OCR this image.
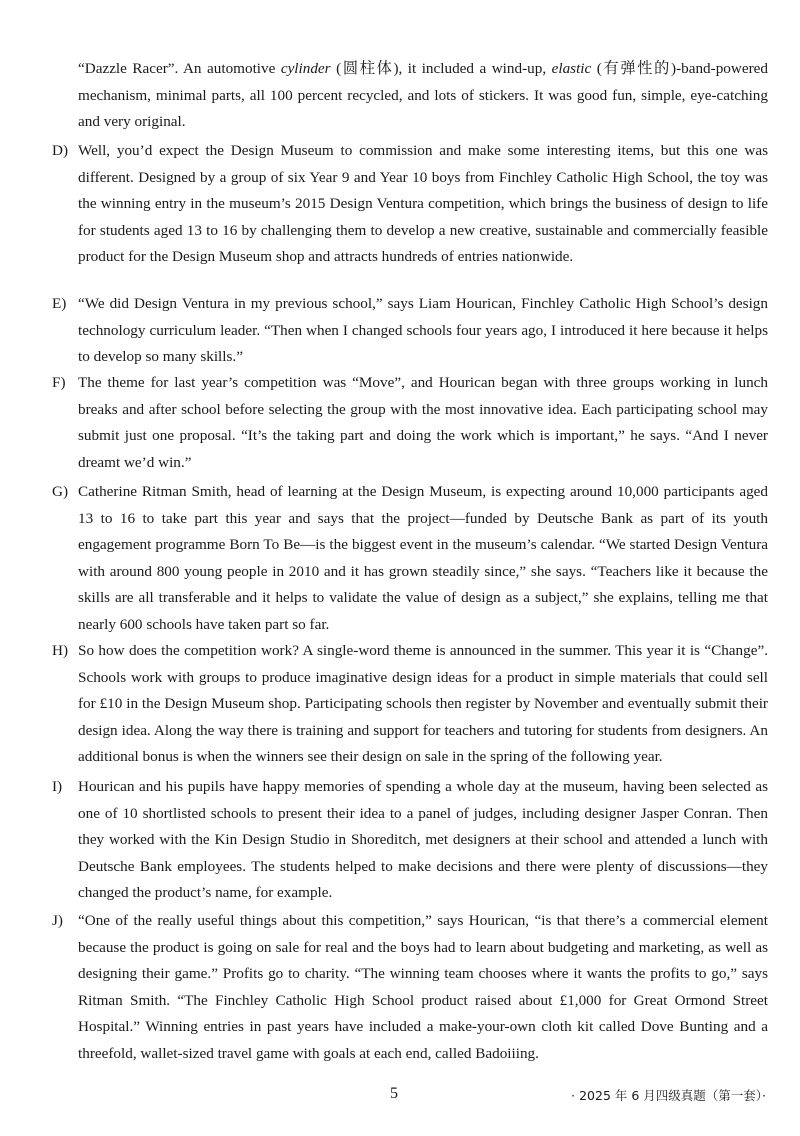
“Dazzle Racer”. An automotive cylinder (圆柱体), it included a wind-up, elastic (有弹性的)-band-powered mechanism, minimal parts, all 100 percent recycled, and lots of stickers. It was good fun, simple, eye-catching and very original.

D) Well, you’d expect the Design Museum to commission and make some interesting items, but this one was different. Designed by a group of six Year 9 and Year 10 boys from Finchley Catholic High School, the toy was the winning entry in the museum’s 2015 Design Ventura competition, which brings the business of design to life for students aged 13 to 16 by challenging them to develop a new creative, sustainable and commercially feasible product for the Design Museum shop and attracts hundreds of entries nationwide.

E) “We did Design Ventura in my previous school,” says Liam Hourican, Finchley Catholic High School’s design technology curriculum leader. “Then when I changed schools four years ago, I introduced it here because it helps to develop so many skills.”

F) The theme for last year’s competition was “Move”, and Hourican began with three groups working in lunch breaks and after school before selecting the group with the most innovative idea. Each participating school may submit just one proposal. “It’s the taking part and doing the work which is important,” he says. “And I never dreamt we’d win.”

G) Catherine Ritman Smith, head of learning at the Design Museum, is expecting around 10,000 participants aged 13 to 16 to take part this year and says that the project—funded by Deutsche Bank as part of its youth engagement programme Born To Be—is the biggest event in the museum’s calendar. “We started Design Ventura with around 800 young people in 2010 and it has grown steadily since,” she says. “Teachers like it because the skills are all transferable and it helps to validate the value of design as a subject,” she explains, telling me that nearly 600 schools have taken part so far.

H) So how does the competition work? A single-word theme is announced in the summer. This year it is “Change”. Schools work with groups to produce imaginative design ideas for a product in simple materials that could sell for £10 in the Design Museum shop. Participating schools then register by November and eventually submit their design idea. Along the way there is training and support for teachers and tutoring for students from designers. An additional bonus is when the winners see their design on sale in the spring of the following year.

I)	Hourican and his pupils have happy memories of spending a whole day at the museum, having been selected as one of 10 shortlisted schools to present their idea to a panel of judges, including designer Jasper Conran. Then they worked with the Kin Design Studio in Shoreditch, met designers at their school and attended a lunch with Deutsche Bank employees. The students helped to make decisions and there were plenty of discussions—they changed the product’s name, for example.

J) “One of the really useful things about this competition,” says Hourican, “is that there’s a commercial element because the product is going on sale for real and the boys had to learn about budgeting and marketing, as well as designing their game.” Profits go to charity. “The winning team chooses where it wants the profits to go,” says Ritman Smith. “The Finchley Catholic High School product raised about £1,000 for Great Ormond Street Hospital.” Winning entries in past years have included a make-your-own cloth kit called Dove Bunting and a threefold, wallet-sized travel game with goals at each end, called Badoiiing.

5	· 2025 年 6 月四级真题（第一套）·
